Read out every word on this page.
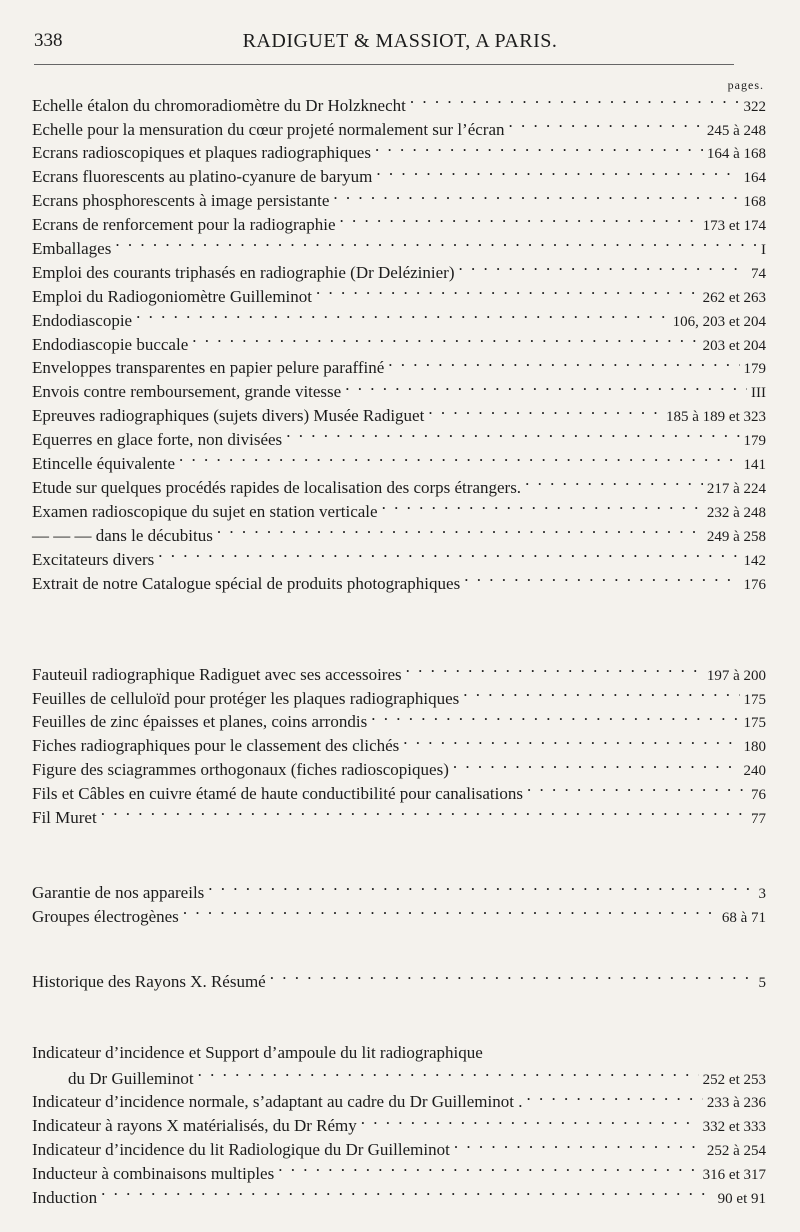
338	RADIGUET & MASSIOT, A PARIS.
pages.
Echelle étalon du chromoradiomètre du Dr Holzknecht . . .	322
Echelle pour la mensuration du cœur projeté normalement sur l’écran . . .	245 à 248
Ecrans radioscopiques et plaques radiographiques . . .	164 à 168
Ecrans fluorescents au platino-cyanure de baryum . . .	164
Ecrans phosphorescents à image persistante . . .	168
Ecrans de renforcement pour la radiographie . . .	173 et 174
Emballages . . .	I
Emploi des courants triphasés en radiographie (Dr Delézinier) . . .	74
Emploi du Radiogoniomètre Guilleminot . . .	262 et 263
Endodiascopie . . .	106, 203 et 204
Endodiascopie buccale . . .	203 et 204
Enveloppes transparentes en papier pelure paraffiné . . .	179
Envois contre remboursement, grande vitesse . . .	III
Epreuves radiographiques (sujets divers) Musée Radiguet . . .	185 à 189 et 323
Equerres en glace forte, non divisées . . .	179
Etincelle équivalente . . .	141
Etude sur quelques procédés rapides de localisation des corps étrangers. . . .	217 à 224
Examen radioscopique du sujet en station verticale . . .	232 à 248
— — — dans le décubitus . . .	249 à 258
Excitateurs divers . . .	142
Extrait de notre Catalogue spécial de produits photographiques . . .	176
Fauteuil radiographique Radiguet avec ses accessoires . . .	197 à 200
Feuilles de celluloïd pour protéger les plaques radiographiques . . .	175
Feuilles de zinc épaisses et planes, coins arrondis . . .	175
Fiches radiographiques pour le classement des clichés . . .	180
Figure des sciagrammes orthogonaux (fiches radioscopiques) . . .	240
Fils et Câbles en cuivre étamé de haute conductibilité pour canalisations . . .	76
Fil Muret . . .	77
Garantie de nos appareils . . .	3
Groupes électrogènes . . .	68 à 71
Historique des Rayons X. Résumé . . .	5
Indicateur d’incidence et Support d’ampoule du lit radiographique
du Dr Guilleminot . . .	252 et 253
Indicateur d’incidence normale, s’adaptant au cadre du Dr Guilleminot . . . .	233 à 236
Indicateur à rayons X matérialisés, du Dr Rémy . . .	332 et 333
Indicateur d’incidence du lit Radiologique du Dr Guilleminot . . .	252 à 254
Inducteur à combinaisons multiples . . .	316 et 317
Induction . . .	90 et 91
